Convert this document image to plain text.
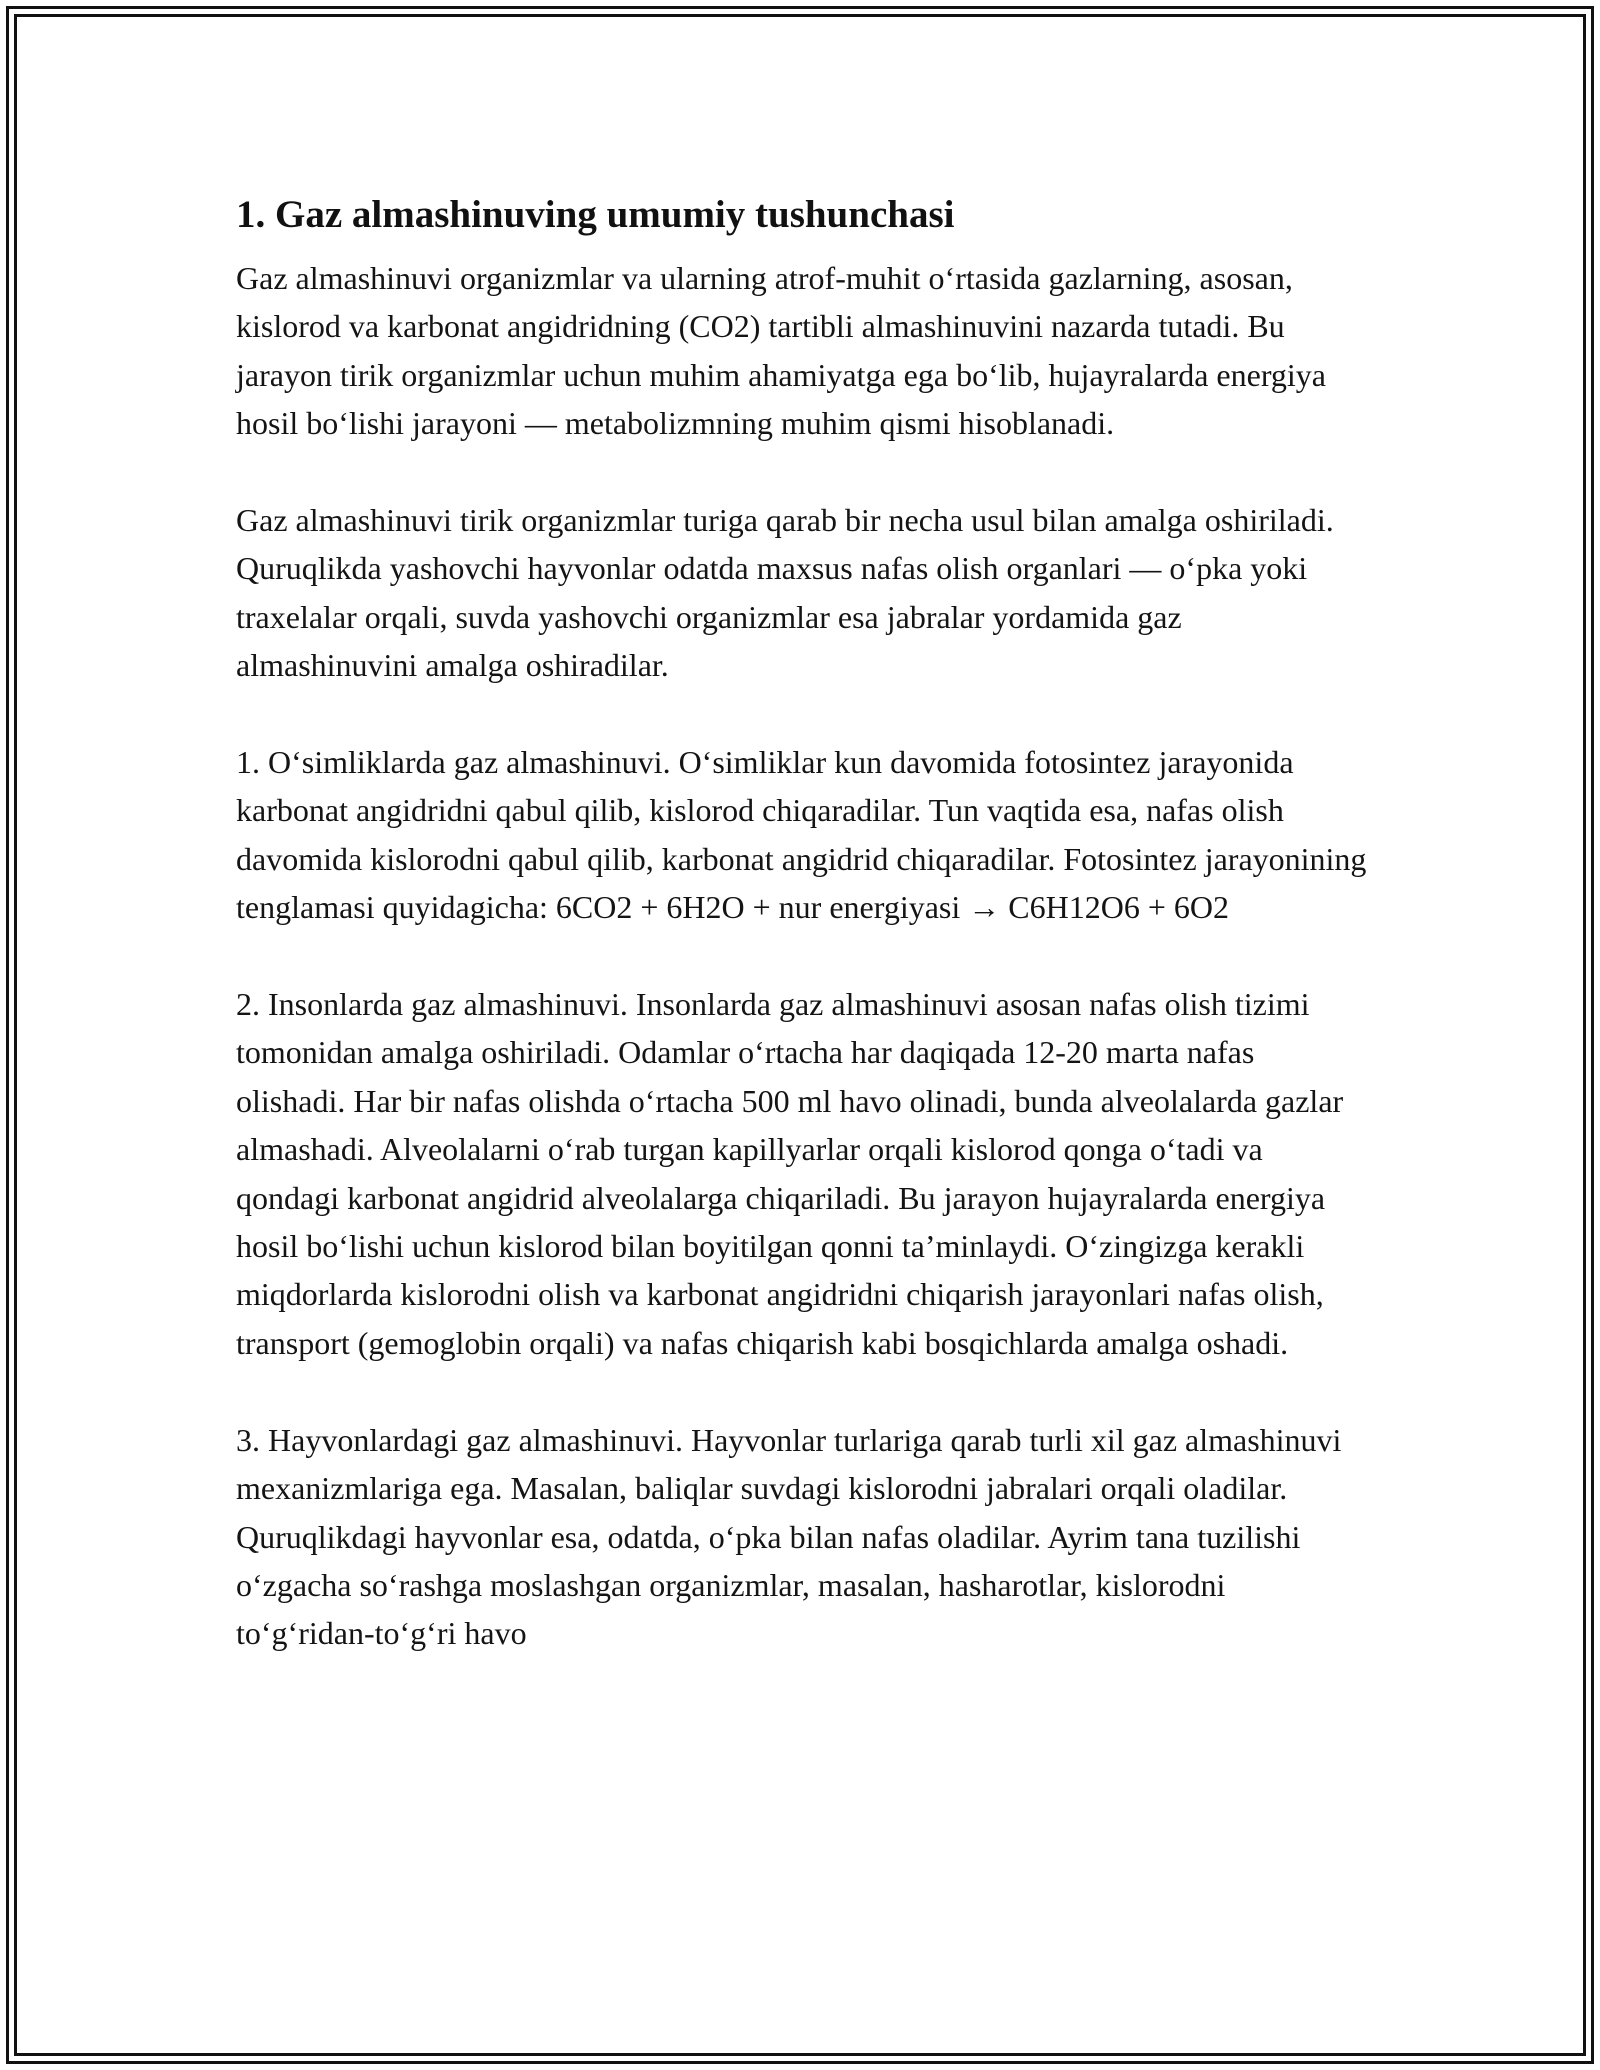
1. Gaz almashinuving umumiy tushunchasi

Gaz almashinuvi organizmlar va ularning atrof-muhit o‘rtasida gazlarning, asosan, kislorod va karbonat angidridning (CO2) tartibli almashinuvini nazarda tutadi. Bu jarayon tirik organizmlar uchun muhim ahamiyatga ega bo‘lib, hujayralarda energiya hosil bo‘lishi jarayoni — metabolizmning muhim qismi hisoblanadi.

Gaz almashinuvi tirik organizmlar turiga qarab bir necha usul bilan amalga oshiriladi. Quruqlikda yashovchi hayvonlar odatda maxsus nafas olish organlari — o‘pka yoki traxelalar orqali, suvda yashovchi organizmlar esa jabralar yordamida gaz almashinuvini amalga oshiradilar.

1. O‘simliklarda gaz almashinuvi. O‘simliklar kun davomida fotosintez jarayonida karbonat angidridni qabul qilib, kislorod chiqaradilar. Tun vaqtida esa, nafas olish davomida kislorodni qabul qilib, karbonat angidrid chiqaradilar. Fotosintez jarayonining tenglamasi quyidagicha: 6CO2 + 6H2O + nur energiyasi → C6H12O6 + 6O2

2. Insonlarda gaz almashinuvi. Insonlarda gaz almashinuvi asosan nafas olish tizimi tomonidan amalga oshiriladi. Odamlar o‘rtacha har daqiqada 12-20 marta nafas olishadi. Har bir nafas olishda o‘rtacha 500 ml havo olinadi, bunda alveolalarda gazlar almashadi. Alveolalarni o‘rab turgan kapillyarlar orqali kislorod qonga o‘tadi va qondagi karbonat angidrid alveolalarga chiqariladi. Bu jarayon hujayralarda energiya hosil bo‘lishi uchun kislorod bilan boyitilgan qonni ta’minlaydi. O‘zingizga kerakli miqdorlarda kislorodni olish va karbonat angidridni chiqarish jarayonlari nafas olish, transport (gemoglobin orqali) va nafas chiqarish kabi bosqichlarda amalga oshadi.

3. Hayvonlardagi gaz almashinuvi. Hayvonlar turlariga qarab turli xil gaz almashinuvi mexanizmlariga ega. Masalan, baliqlar suvdagi kislorodni jabralari orqali oladilar. Quruqlikdagi hayvonlar esa, odatda, o‘pka bilan nafas oladilar. Ayrim tana tuzilishi o‘zgacha so‘rashga moslashgan organizmlar, masalan, hasharotlar, kislorodni to‘g‘ridan-to‘g‘ri havo
